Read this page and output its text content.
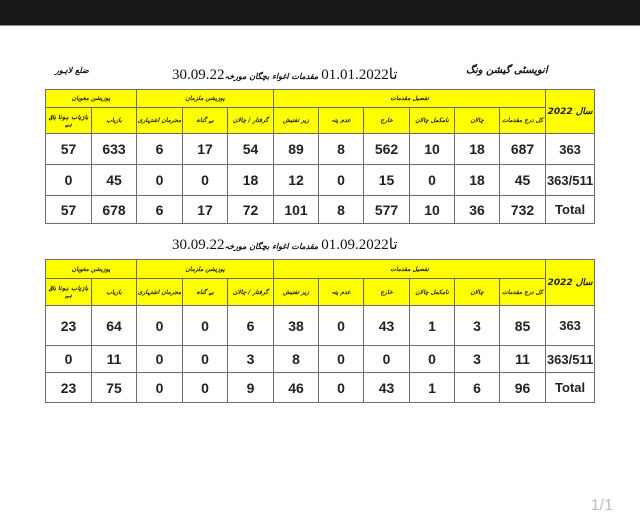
ضلع لاہور	انویسٹی گیشن ونگ
30.09.22تا01.01.2022 مقدمات اغواء بچگان مورخہ
پوزیشن مغویان		پوزیشن ملزمان			تفصیل مقدمات						سال 2022
بازیاب ہونا باقی ہے	بازیاب	مجرمان اشتہاری	بے گناہ	گرفتار / چالان	زیر تفتیش	عدم پتہ	خارج	نامکمل چالان	چالان	کل درج مقدمات	
57	633	6	17	54	89	8	562	10	18	687	363
0	45	0	0	18	12	0	15	0	18	45	363/511
57	678	6	17	72	101	8	577	10	36	732	Total
30.09.22تا01.09.2022 مقدمات اغواء بچگان مورخہ
پوزیشن مغویان		پوزیشن ملزمان			تفصیل مقدمات						سال 2022
بازیاب ہونا باقی ہے	بازیاب	مجرمان اشتہاری	بے گناہ	گرفتار / چالان	زیر تفتیش	عدم پتہ	خارج	نامکمل چالان	چالان	کل درج مقدمات	
23	64	0	0	6	38	0	43	1	3	85	363
0	11	0	0	3	8	0	0	0	3	11	363/511
23	75	0	0	9	46	0	43	1	6	96	Total
1/1
